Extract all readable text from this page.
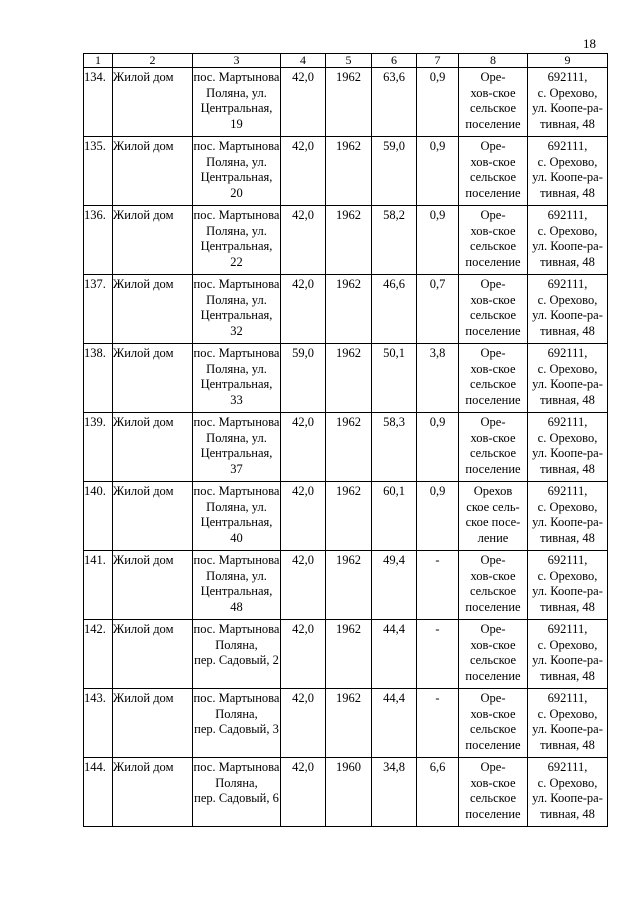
18
1	2	3	4	5	6	7	8	9
134.	Жилой дом	пос. Мартынова
Поляна, ул.
Центральная,
19	42,0	1962	63,6	0,9	Ope-
хов-ское
сельское
поселение	692111,
с. Орехово,
ул. Коопе-ра-
тивная, 48
135.	Жилой дом	пос. Мартынова
Поляна, ул.
Центральная,
20	42,0	1962	59,0	0,9	Ope-
хов-ское
сельское
поселение	692111,
с. Орехово,
ул. Коопе-ра-
тивная, 48
136.	Жилой дом	пос. Мартынова
Поляна, ул.
Центральная,
22	42,0	1962	58,2	0,9	Ope-
хов-ское
сельское
поселение	692111,
с. Орехово,
ул. Коопе-ра-
тивная, 48
137.	Жилой дом	пос. Мартынова
Поляна, ул.
Центральная,
32	42,0	1962	46,6	0,7	Ope-
хов-ское
сельское
поселение	692111,
с. Орехово,
ул. Коопе-ра-
тивная, 48
138.	Жилой дом	пос. Мартынова
Поляна, ул.
Центральная,
33	59,0	1962	50,1	3,8	Ope-
хов-ское
сельское
поселение	692111,
с. Орехово,
ул. Коопе-ра-
тивная, 48
139.	Жилой дом	пос. Мартынова
Поляна, ул.
Центральная,
37	42,0	1962	58,3	0,9	Ope-
хов-ское
сельское
поселение	692111,
с. Орехово,
ул. Коопе-ра-
тивная, 48
140.	Жилой дом	пос. Мартынова
Поляна, ул.
Центральная,
40	42,0	1962	60,1	0,9	Орехов
ское сель-
ское посе-
ление	692111,
с. Орехово,
ул. Коопе-ра-
тивная, 48
141.	Жилой дом	пос. Мартынова
Поляна, ул.
Центральная,
48	42,0	1962	49,4	-	Ope-
хов-ское
сельское
поселение	692111,
с. Орехово,
ул. Коопе-ра-
тивная, 48
142.	Жилой дом	пос. Мартынова
Поляна,
пер. Садовый, 2	42,0	1962	44,4	-	Ope-
хов-ское
сельское
поселение	692111,
с. Орехово,
ул. Коопе-ра-
тивная, 48
143.	Жилой дом	пос. Мартынова
Поляна,
пер. Садовый, 3	42,0	1962	44,4	-	Ope-
хов-ское
сельское
поселение	692111,
с. Орехово,
ул. Коопе-ра-
тивная, 48
144.	Жилой дом	пос. Мартынова
Поляна,
пер. Садовый, 6	42,0	1960	34,8	6,6	Ope-
хов-ское
сельское
поселение	692111,
с. Орехово,
ул. Коопе-ра-
тивная, 48
